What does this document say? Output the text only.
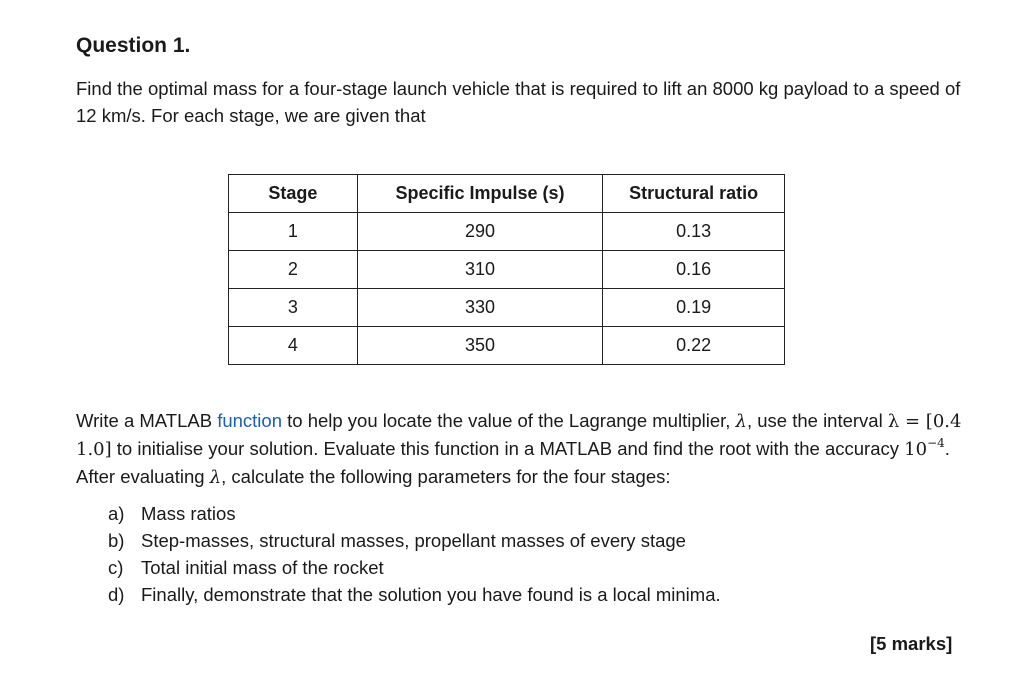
Question 1.

Find the optimal mass for a four-stage launch vehicle that is required to lift an 8000 kg payload to a speed of 12 km/s. For each stage, we are given that

Stage	Specific Impulse (s)	Structural ratio
1	290	0.13
2	310	0.16
3	330	0.19
4	350	0.22

Write a MATLAB function to help you locate the value of the Lagrange multiplier, λ, use the interval λ = [0.4 1.0] to initialise your solution. Evaluate this function in a MATLAB and find the root with the accuracy $10^{-4}$. After evaluating λ, calculate the following parameters for the four stages:

a) Mass ratios
b) Step-masses, structural masses, propellant masses of every stage
c) Total initial mass of the rocket
d) Finally, demonstrate that the solution you have found is a local minima.

[5 marks]
